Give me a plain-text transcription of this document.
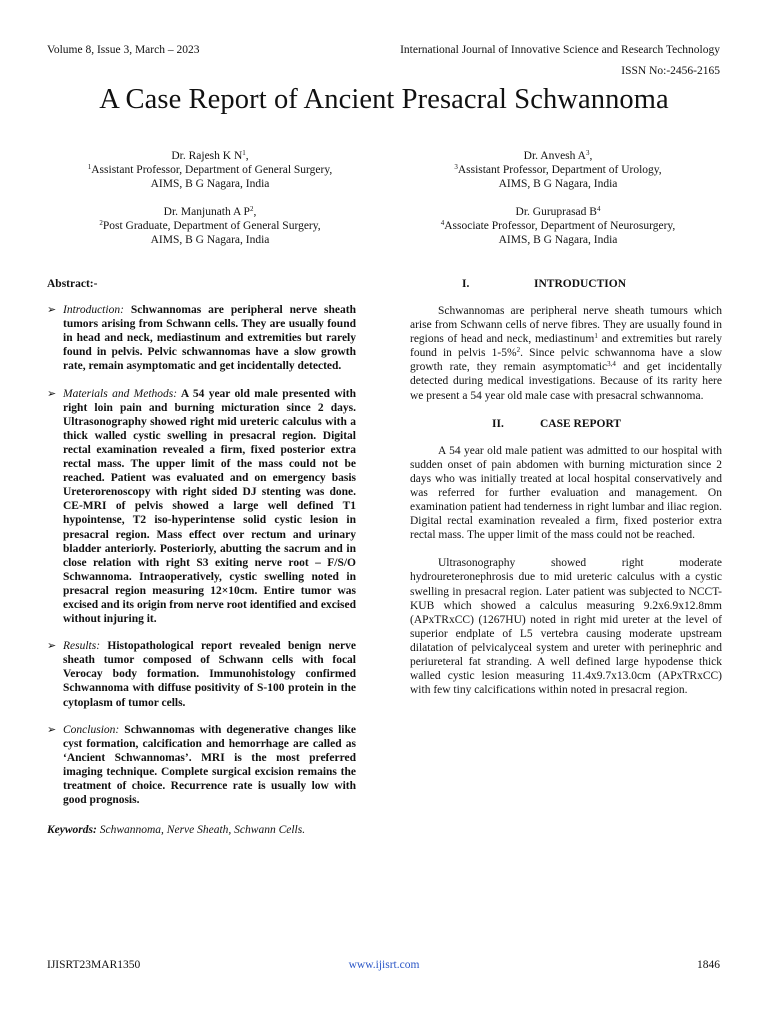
Volume 8, Issue 3, March – 2023	International Journal of Innovative Science and Research Technology
ISSN No:-2456-2165
A Case Report of Ancient Presacral Schwannoma
Dr. Rajesh K $N^1$,
$^1$Assistant Professor, Department of General Surgery,
AIMS, B G Nagara, India
Dr. Manjunath A $P^2$,
$^2$Post Graduate, Department of General Surgery,
AIMS, B G Nagara, India
Dr. Anvesh $A^3$,
$^3$Assistant Professor, Department of Urology,
AIMS, B G Nagara, India
Dr. Guruprasad $B^4$
$^4$Associate Professor, Department of Neurosurgery,
AIMS, B G Nagara, India

Abstract:-

➢ Introduction: Schwannomas are peripheral nerve sheath tumors arising from Schwann cells. They are usually found in head and neck, mediastinum and extremities but rarely found in pelvis. Pelvic schwannomas have a slow growth rate, remain asymptomatic and get incidentally detected.

➢ Materials and Methods: A 54 year old male presented with right loin pain and burning micturation since 2 days. Ultrasonography showed right mid ureteric calculus with a thick walled cystic swelling in presacral region. Digital rectal examination revealed a firm, fixed posterior extra rectal mass. The upper limit of the mass could not be reached. Patient was evaluated and on emergency basis Ureterorenoscopy with right sided DJ stenting was done. CE-MRI of pelvis showed a large well defined T1 hypointense, T2 iso-hyperintense solid cystic lesion in presacral region. Mass effect over rectum and urinary bladder anteriorly. Posteriorly, abutting the sacrum and in close relation with right S3 exiting nerve root – F/S/O Schwannoma. Intraoperatively, cystic swelling noted in presacral region measuring 12×10cm. Entire tumor was excised and its origin from nerve root identified and excised without injuring it.

➢ Results: Histopathological report revealed benign nerve sheath tumor composed of Schwann cells with focal Verocay body formation. Immunohistology confirmed Schwannoma with diffuse positivity of S-100 protein in the cytoplasm of tumor cells.

➢ Conclusion: Schwannomas with degenerative changes like cyst formation, calcification and hemorrhage are called as ‘Ancient Schwannomas’. MRI is the most preferred imaging technique. Complete surgical excision remains the treatment of choice. Recurrence rate is usually low with good prognosis.

Keywords: Schwannoma, Nerve Sheath, Schwann Cells.

I.	INTRODUCTION

Schwannomas are peripheral nerve sheath tumours which arise from Schwann cells of nerve fibres. They are usually found in regions of head and neck, mediastinum$^1$ and extremities but rarely found in pelvis 1-5%$^2$. Since pelvic schwannoma have a slow growth rate, they remain asymptomatic$^{3,4}$ and get incidentally detected during medical investigations. Because of its rarity here we present a 54 year old male case with presacral schwannoma.

II.	CASE REPORT

A 54 year old male patient was admitted to our hospital with sudden onset of pain abdomen with burning micturation since 2 days who was initially treated at local hospital conservatively and was referred for further evaluation and management. On examination patient had tenderness in right lumbar and iliac region. Digital rectal examination revealed a firm, fixed posterior extra rectal mass. The upper limit of the mass could not be reached.

Ultrasonography showed right moderate hydroureteronephrosis due to mid ureteric calculus with a cystic swelling in presacral region. Later patient was subjected to NCCT-KUB which showed a calculus measuring 9.2x6.9x12.8mm (APxTRxCC) (1267HU) noted in right mid ureter at the level of superior endplate of L5 vertebra causing moderate upstream dilatation of pelvicalyceal system and ureter with perinephric and periureteral fat stranding. A well defined large hypodense thick walled cystic lesion measuring 11.4x9.7x13.0cm (APxTRxCC) with few tiny calcifications within noted in presacral region.

IJISRT23MAR1350	www.ijisrt.com	1846
